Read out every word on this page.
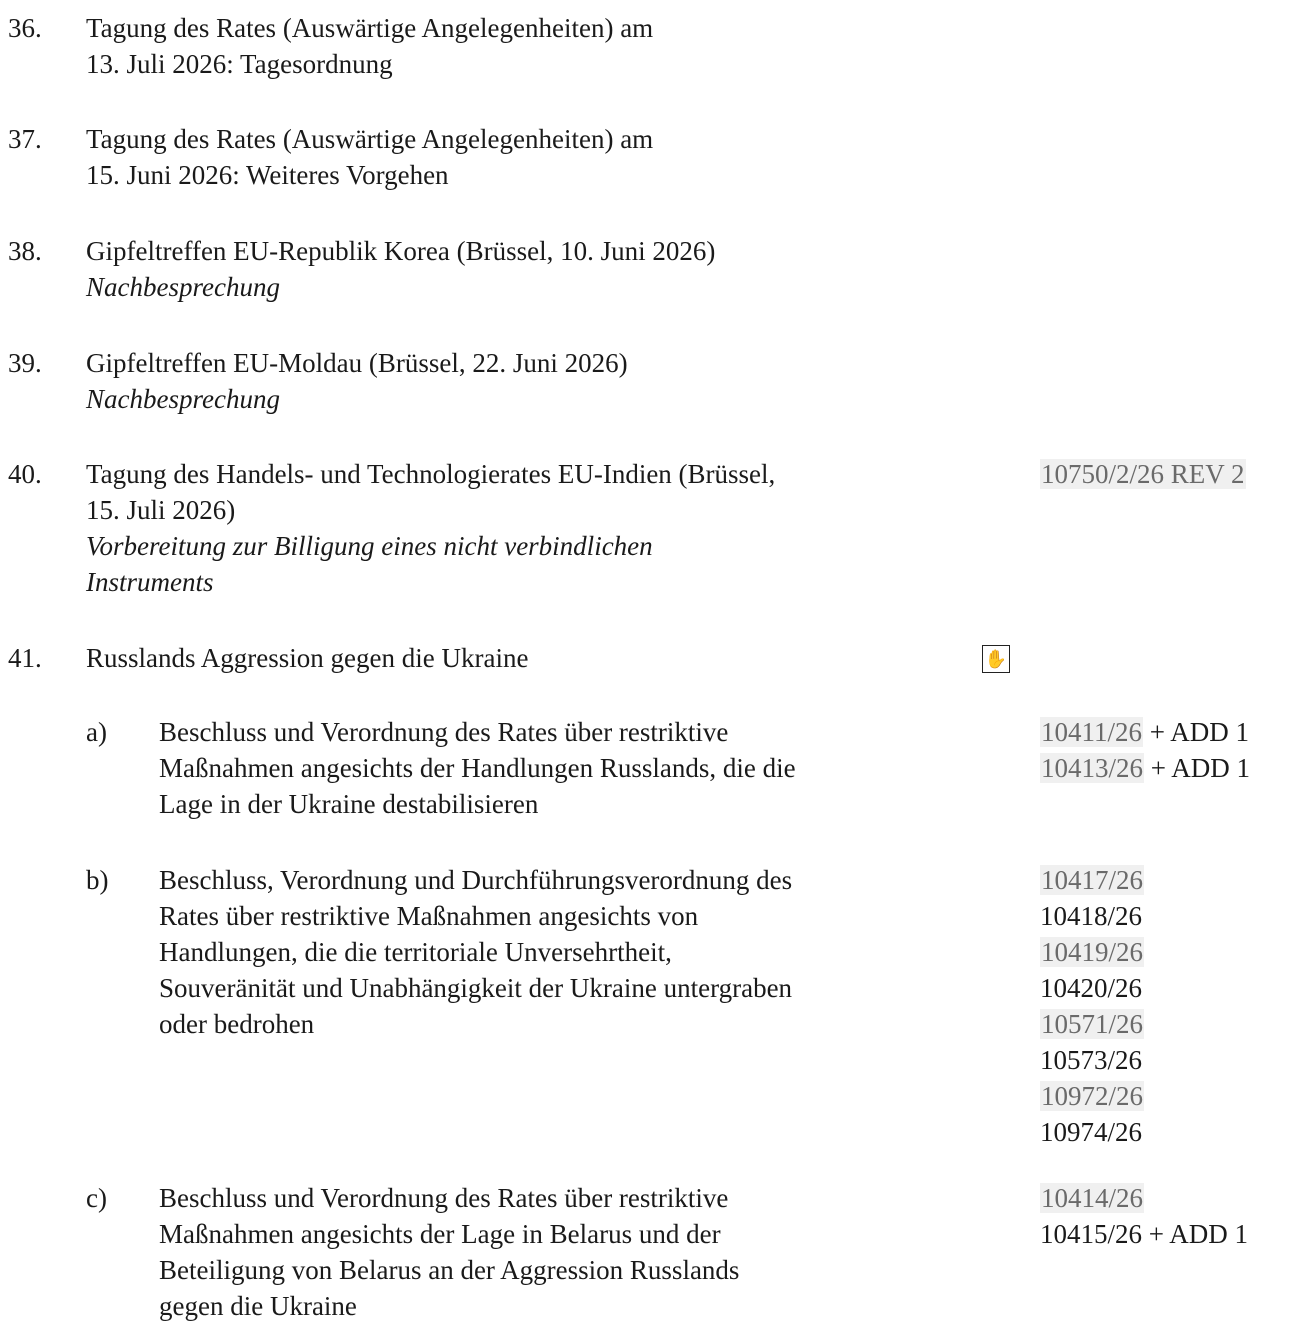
36. Tagung des Rates (Auswärtige Angelegenheiten) am
13. Juli 2026: Tagesordnung
37. Tagung des Rates (Auswärtige Angelegenheiten) am
15. Juni 2026: Weiteres Vorgehen
38. Gipfeltreffen EU-Republik Korea (Brüssel, 10. Juni 2026)
Nachbesprechung
39. Gipfeltreffen EU-Moldau (Brüssel, 22. Juni 2026)
Nachbesprechung
40. Tagung des Handels- und Technologierates EU-Indien (Brüssel,
15. Juli 2026)
Vorbereitung zur Billigung eines nicht verbindlichen
Instruments
10750/2/26 REV 2
41. Russlands Aggression gegen die Ukraine	✋
a) Beschluss und Verordnung des Rates über restriktive
Maßnahmen angesichts der Handlungen Russlands, die die
Lage in der Ukraine destabilisieren
10411/26 + ADD 1
10413/26 + ADD 1
b) Beschluss, Verordnung und Durchführungsverordnung des
Rates über restriktive Maßnahmen angesichts von
Handlungen, die die territoriale Unversehrtheit,
Souveränität und Unabhängigkeit der Ukraine untergraben
oder bedrohen
10417/26
10418/26
10419/26
10420/26
10571/26
10573/26
10972/26
10974/26
c) Beschluss und Verordnung des Rates über restriktive
Maßnahmen angesichts der Lage in Belarus und der
Beteiligung von Belarus an der Aggression Russlands
gegen die Ukraine
10414/26
10415/26 + ADD 1
